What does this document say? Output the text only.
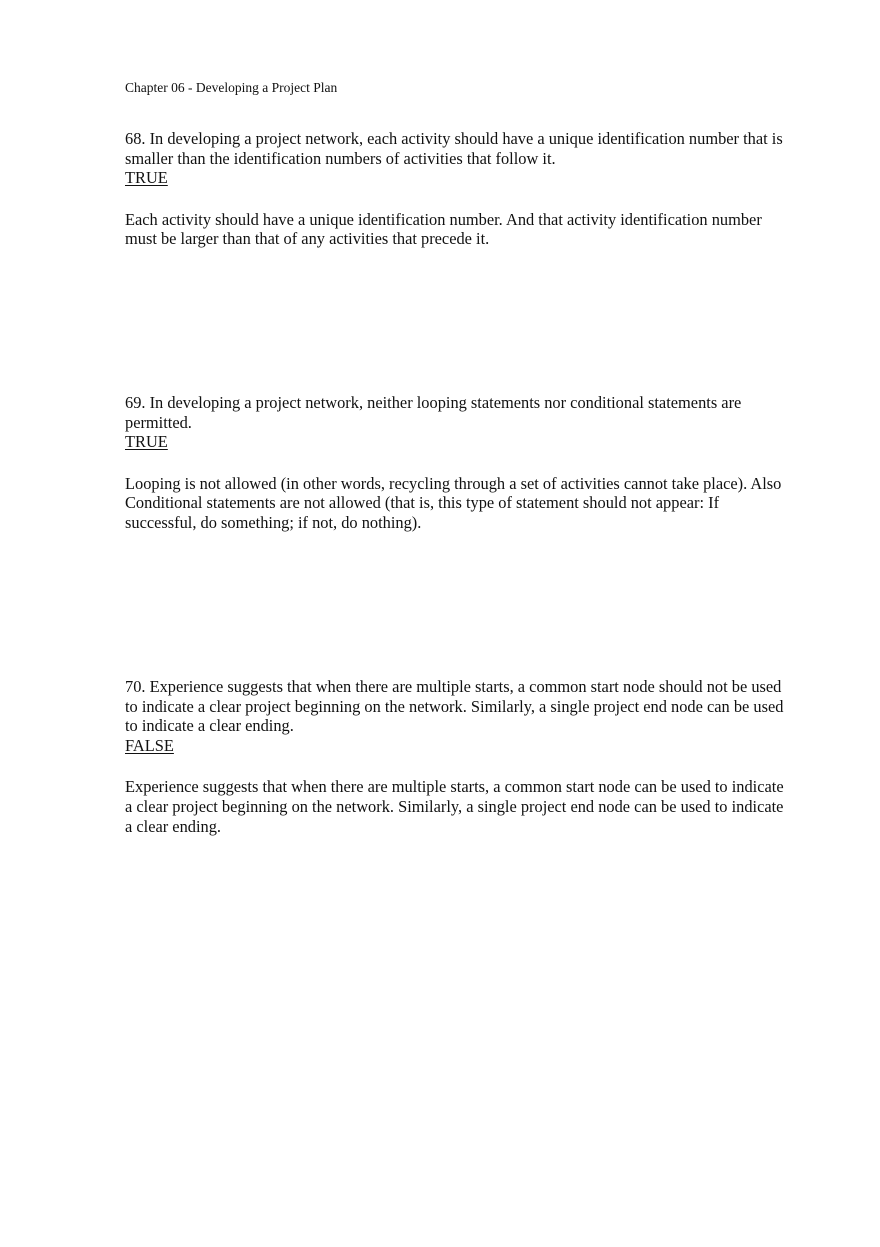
Chapter 06 - Developing a Project Plan

68. In developing a project network, each activity should have a unique identification number that is smaller than the identification numbers of activities that follow it.

TRUE

Each activity should have a unique identification number. And that activity identification number must be larger than that of any activities that precede it.

69. In developing a project network, neither looping statements nor conditional statements are permitted.

TRUE

Looping is not allowed (in other words, recycling through a set of activities cannot take place). Also Conditional statements are not allowed (that is, this type of statement should not appear: If successful, do something; if not, do nothing).

70. Experience suggests that when there are multiple starts, a common start node should not be used to indicate a clear project beginning on the network. Similarly, a single project end node can be used to indicate a clear ending.

FALSE

Experience suggests that when there are multiple starts, a common start node can be used to indicate a clear project beginning on the network. Similarly, a single project end node can be used to indicate a clear ending.
